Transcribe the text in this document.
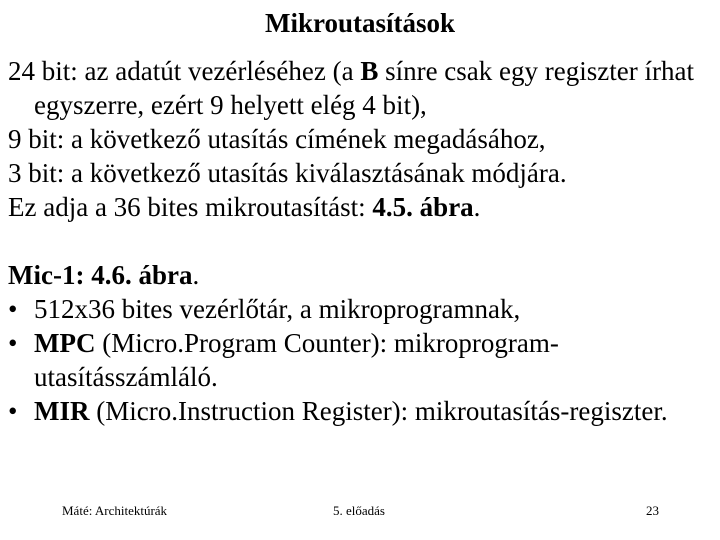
Mikroutasítások

24 bit: az adatút vezérléséhez (a B sínre csak egy regiszter írhat egyszerre, ezért 9 helyett elég 4 bit),

9 bit: a következő utasítás címének megadásához,

3 bit: a következő utasítás kiválasztásának módjára.

Ez adja a 36 bites mikroutasítást: 4.5. ábra.

Mic-1: 4.6. ábra.

• 512x36 bites vezérlőtár, a mikroprogramnak,
• MPC (Micro.Program Counter): mikroprogram-utasításszámláló.
• MIR (Micro.Instruction Register): mikroutasítás-regiszter.
Máté: Architektúrák	5. előadás	23
